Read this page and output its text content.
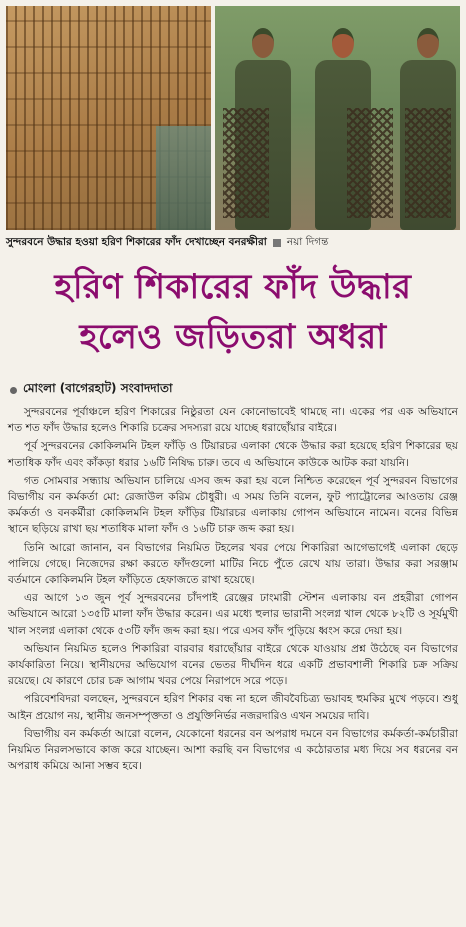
সুন্দরবনে উদ্ধার হওয়া হরিণ শিকারের ফাঁদ দেখাচ্ছেন বনরক্ষীরা নয়া দিগন্ত
হরিণ শিকারের ফাঁদ উদ্ধার
হলেও জড়িতরা অধরা
মোংলা (বাগেরহাট) সংবাদদাতা

সুন্দরবনের পূর্বাঞ্চলে হরিণ শিকারের নিষ্ঠুরতা যেন কোনোভাবেই থামছে না। একের পর এক অভিযানে শত শত ফাঁদ উদ্ধার হলেও শিকারি চক্রের সদস্যরা রয়ে যাচ্ছে ধরাছোঁয়ার বাইরে।

পূর্ব সুন্দরবনের কোকিলমনি টহল ফাঁড়ি ও টিয়ারচর এলাকা থেকে উদ্ধার করা হয়েছে হরিণ শিকারের ছয় শতাধিক ফাঁদ এবং কাঁকড়া ধরার ১৬টি নিষিদ্ধ চারু। তবে এ অভিযানে কাউকে আটক করা যায়নি।

গত সোমবার সন্ধ্যায় অভিযান চালিয়ে এসব জব্দ করা হয় বলে নিশ্চিত করেছেন পূর্ব সুন্দরবন বিভাগের বিভাগীয় বন কর্মকর্তা মো: রেজাউল করিম চৌধুরী। এ সময় তিনি বলেন, ফুট প্যাট্রোলের আওতায় রেঞ্জ কর্মকর্তা ও বনকর্মীরা কোকিলমনি টহল ফাঁড়ির টিয়ারচর এলাকায় গোপন অভিযানে নামেন। বনের বিভিন্ন স্থানে ছড়িয়ে রাখা ছয় শতাধিক মালা ফাঁদ ও ১৬টি চারু জব্দ করা হয়।

তিনি আরো জানান, বন বিভাগের নিয়মিত টহলের খবর পেয়ে শিকারিরা আগেভাগেই এলাকা ছেড়ে পালিয়ে গেছে। নিজেদের রক্ষা করতে ফাঁদগুলো মাটির নিচে পুঁতে রেখে যায় তারা। উদ্ধার করা সরঞ্জাম বর্তমানে কোকিলমনি টহল ফাঁড়িতে হেফাজতে রাখা হয়েছে।

এর আগে ১৩ জুন পূর্ব সুন্দরবনের চাঁদপাই রেঞ্জের ঢাংমারী স্টেশন এলাকায় বন প্রহরীরা গোপন অভিযানে আরো ১৩৫টি মালা ফাঁদ উদ্ধার করেন। এর মধ্যে হুলার ভারানী সংলগ্ন খাল থেকে ৮২টি ও সূর্যমুখী খাল সংলগ্ন এলাকা থেকে ৫৩টি ফাঁদ জব্দ করা হয়। পরে এসব ফাঁদ পুড়িয়ে ধ্বংস করে দেয়া হয়।

অভিযান নিয়মিত হলেও শিকারিরা বারবার ধরাছোঁয়ার বাইরে থেকে যাওয়ায় প্রশ্ন উঠেছে বন বিভাগের কার্যকারিতা নিয়ে। স্থানীয়দের অভিযোগ বনের ভেতর দীর্ঘদিন ধরে একটি প্রভাবশালী শিকারি চক্র সক্রিয় রয়েছে। যে কারণে চোর চক্র আগাম খবর পেয়ে নিরাপদে সরে পড়ে।

পরিবেশবিদরা বলছেন, সুন্দরবনে হরিণ শিকার বন্ধ না হলে জীববৈচিত্র্য ভয়াবহ হুমকির মুখে পড়বে। শুধু আইন প্রয়োগ নয়, স্থানীয় জনসম্পৃক্ততা ও প্রযুক্তিনির্ভর নজরদারিও এখন সময়ের দাবি।

বিভাগীয় বন কর্মকর্তা আরো বলেন, যেকোনো ধরনের বন অপরাধ দমনে বন বিভাগের কর্মকর্তা-কর্মচারীরা নিয়মিত নিরলসভাবে কাজ করে যাচ্ছেন। আশা করছি বন বিভাগের এ কঠোরতার মধ্য দিয়ে সব ধরনের বন অপরাধ কমিয়ে আনা সম্ভব হবে।
